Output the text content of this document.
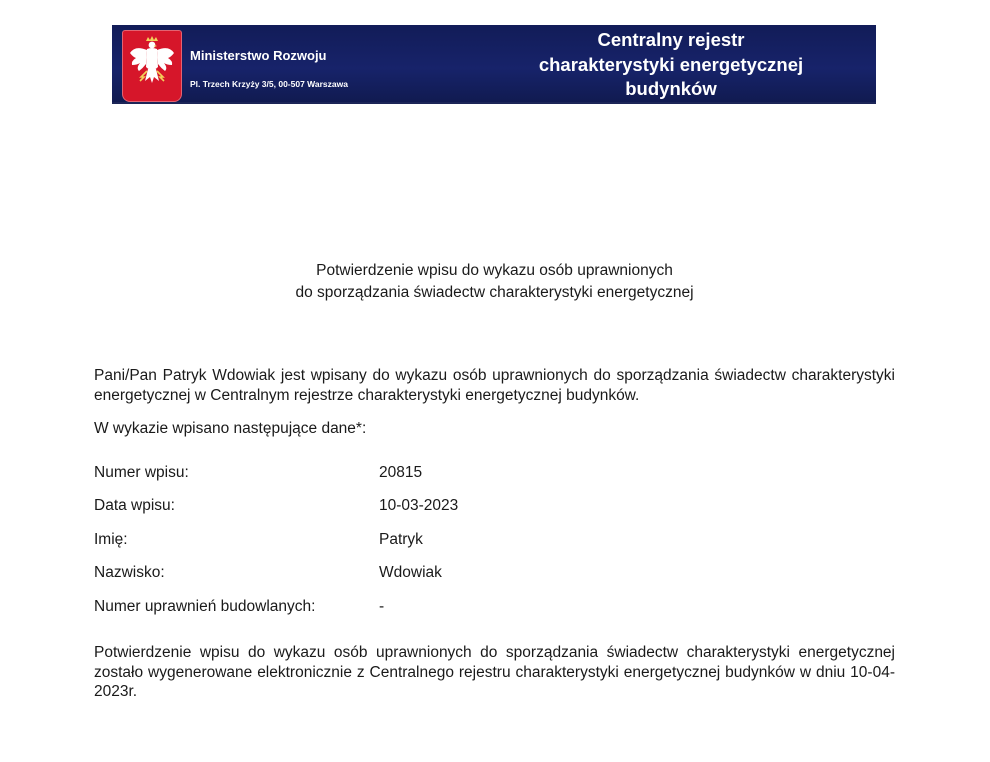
Ministerstwo Rozwoju
Pl. Trzech Krzyży 3/5, 00-507 Warszawa
Centralny rejestr
charakterystyki energetycznej
budynków
Potwierdzenie wpisu do wykazu osób uprawnionych
do sporządzania świadectw charakterystyki energetycznej

Pani/Pan Patryk Wdowiak jest wpisany do wykazu osób uprawnionych do sporządzania świadectw charakterystyki energetycznej w Centralnym rejestrze charakterystyki energetycznej budynków.

W wykazie wpisano następujące dane*:
Numer wpisu:	20815
Data wpisu:	10-03-2023
Imię:	Patryk
Nazwisko:	Wdowiak
Numer uprawnień budowlanych:	-

Potwierdzenie wpisu do wykazu osób uprawnionych do sporządzania świadectw charakterystyki energetycznej zostało wygenerowane elektronicznie z Centralnego rejestru charakterystyki energetycznej budynków w dniu 10-04-2023r.
